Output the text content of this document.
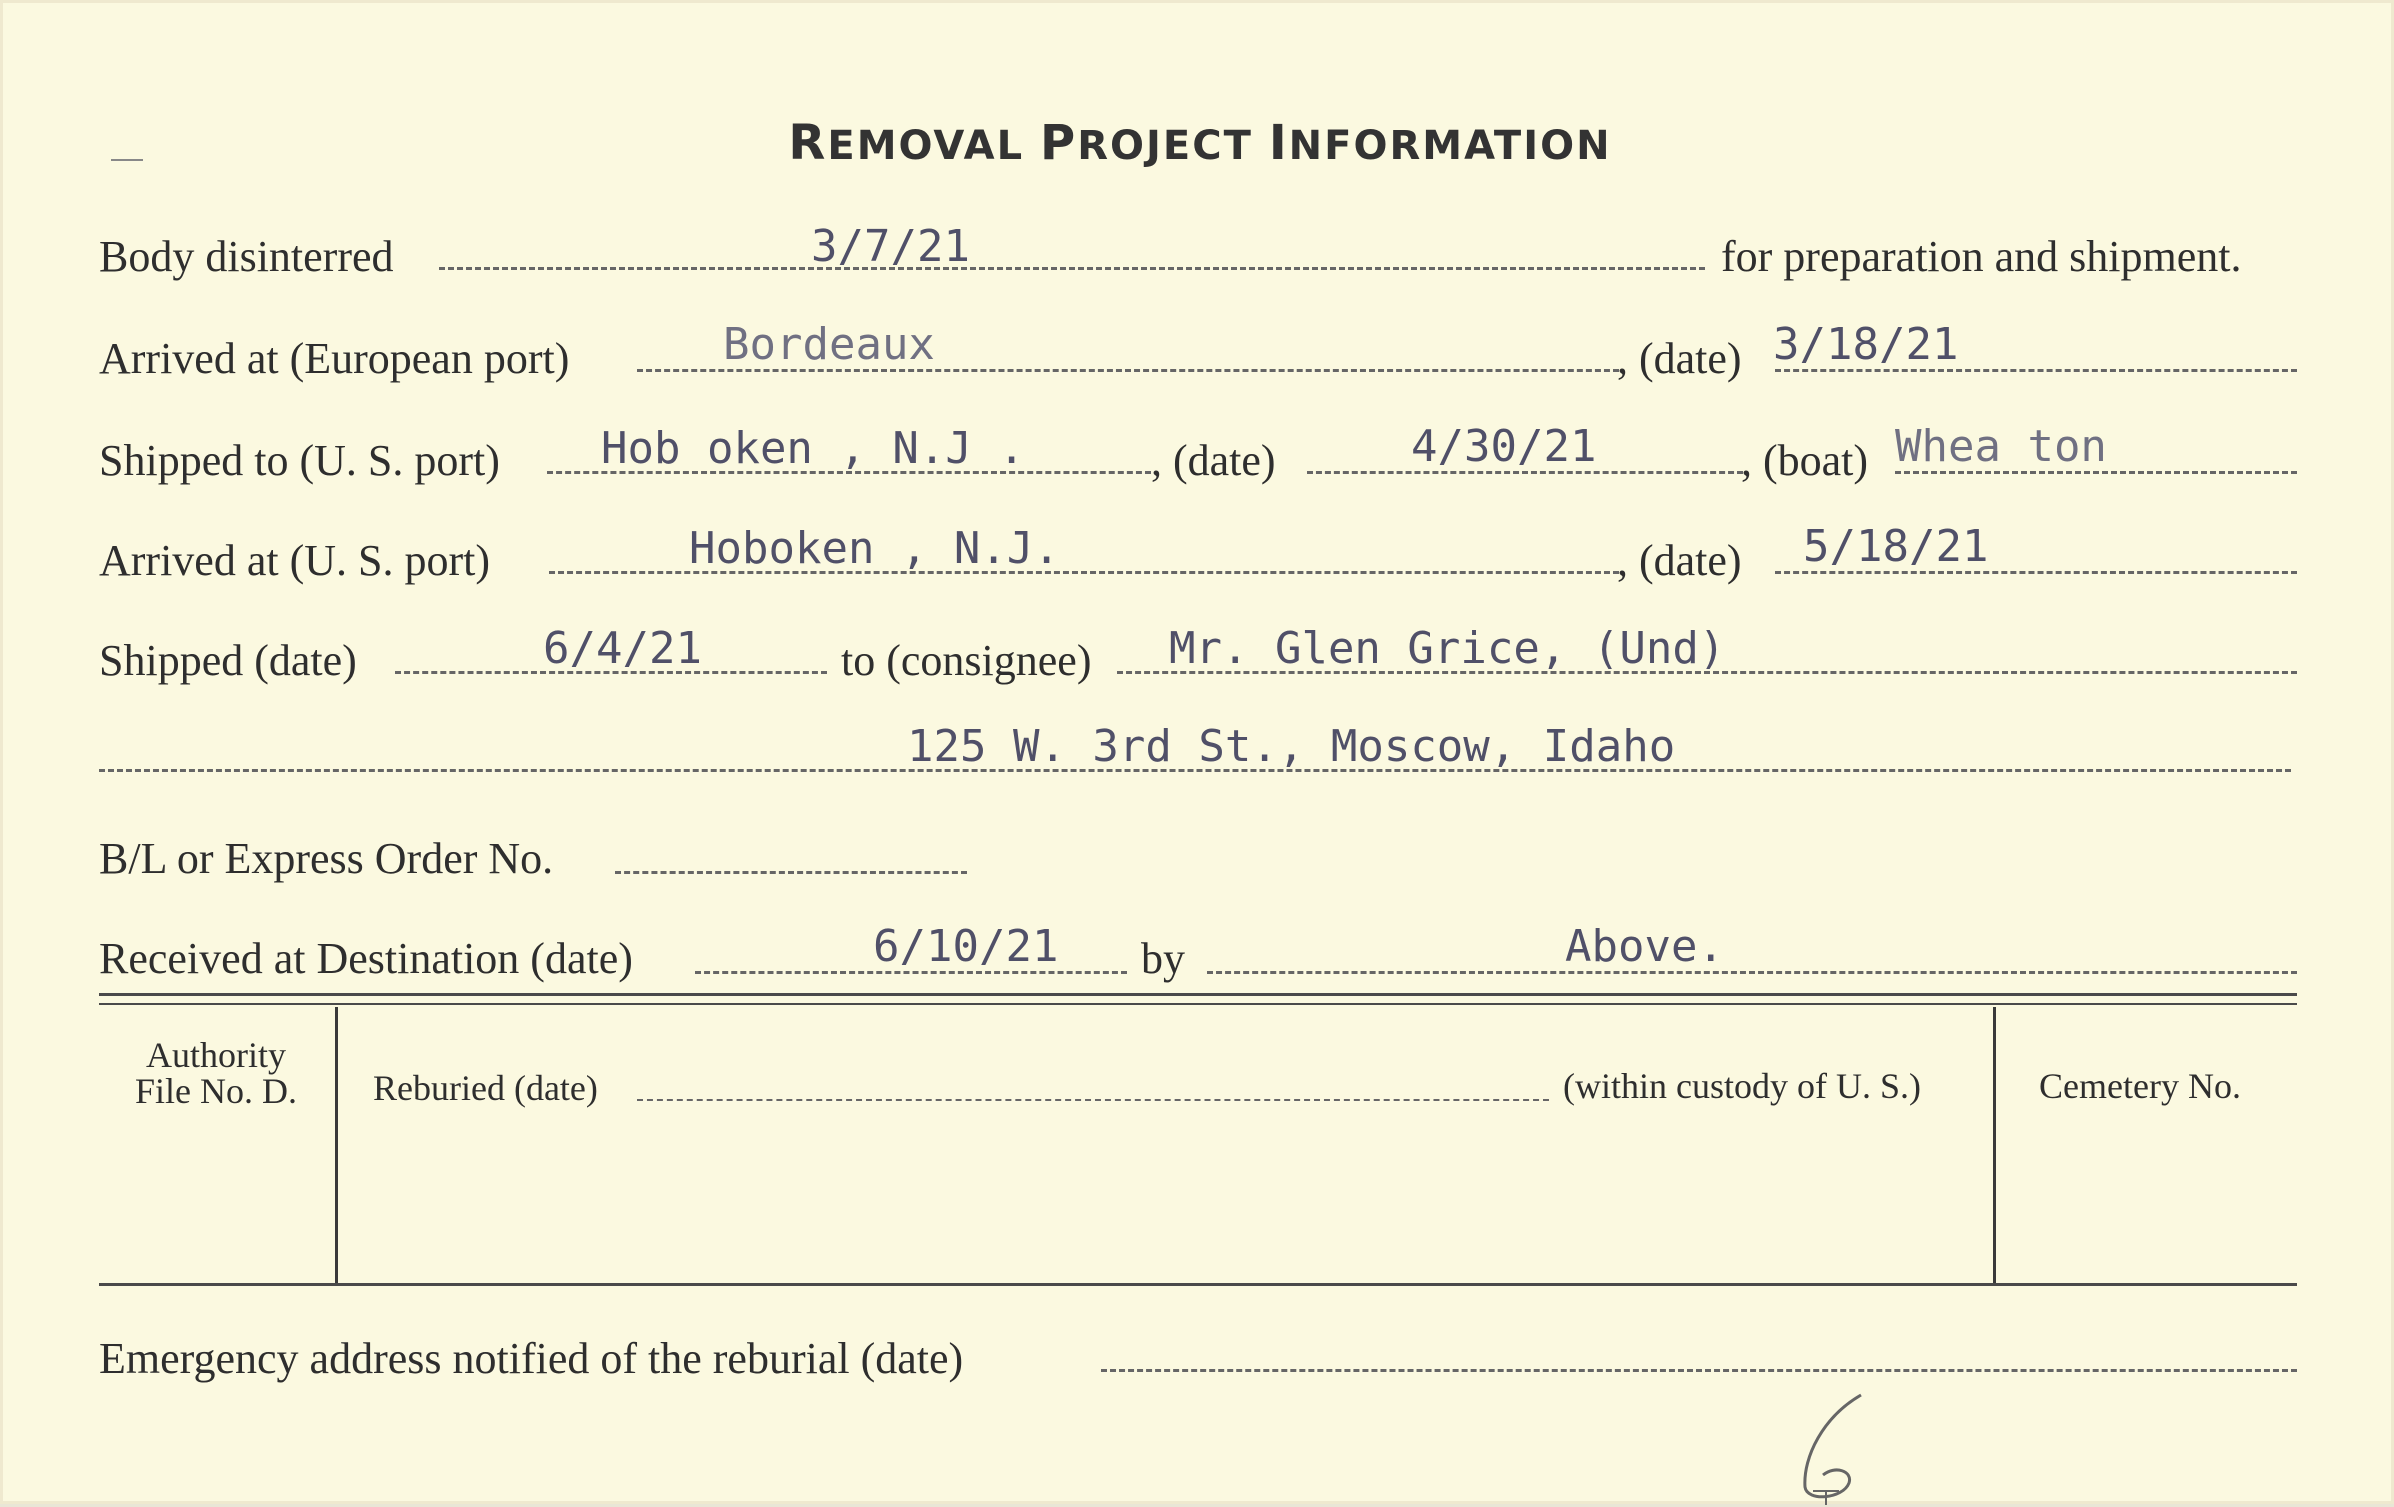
REMOVAL PROJECT INFORMATION
Body disinterred	3/7/21	for preparation and shipment.
Arrived at (European port)	Bordeaux	, (date) 3/18/21
Shipped to (U. S. port) Hob oken , N.J .	, (date)	4/30/21	, (boat) Whea ton
Arrived at (U. S. port)	Hoboken , N.J.	, (date) 5/18/21
Shipped (date)	6/4/21	to (consignee) Mr. Glen Grice, (Und)
125 W. 3rd St., Moscow, Idaho
B/L or Express Order No.
Received at Destination (date)	6/10/21 by	Above.
Authority
File No. D.	Reburied (date)	(within custody of U. S.)	Cemetery No.
Emergency address notified of the reburial (date)
